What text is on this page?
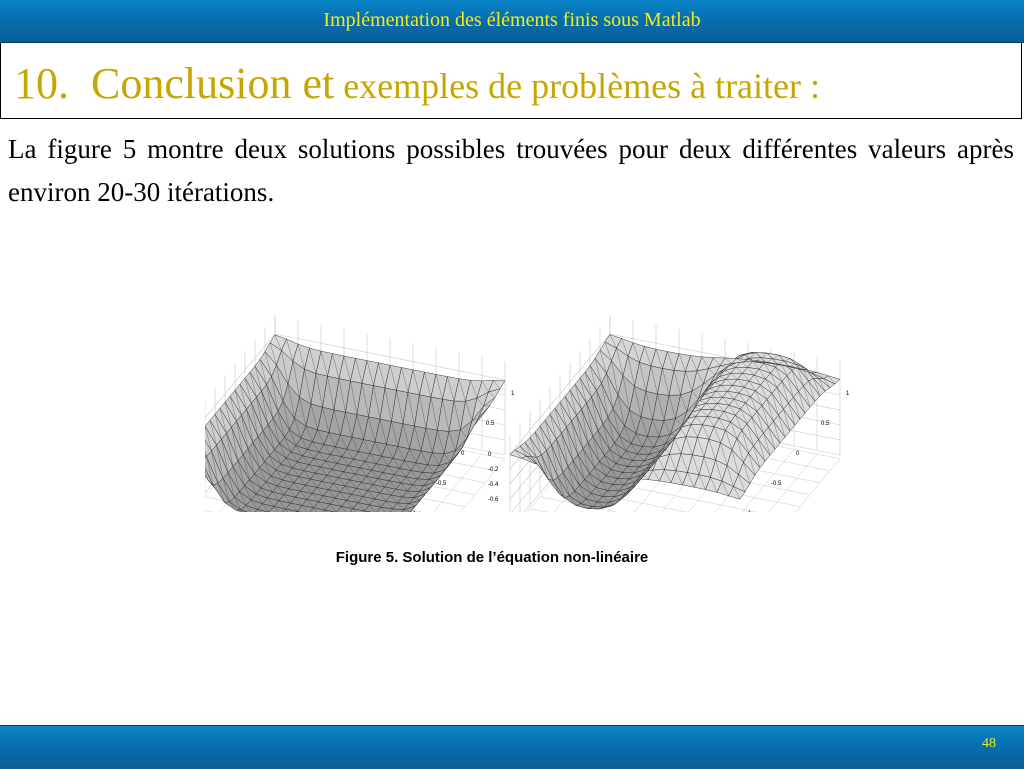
Implémentation des éléments finis sous Matlab
10. Conclusion et exemples de problèmes à traiter :
La figure 5 montre deux solutions possibles trouvées pour deux différentes valeurs après environ 20-30 itérations.
1
0.5
0
-0.5
0
-0.2
-0.4
-0.6
1
0.5
0
-0.5
Figure 5. Solution de l’équation non-linéaire
48
